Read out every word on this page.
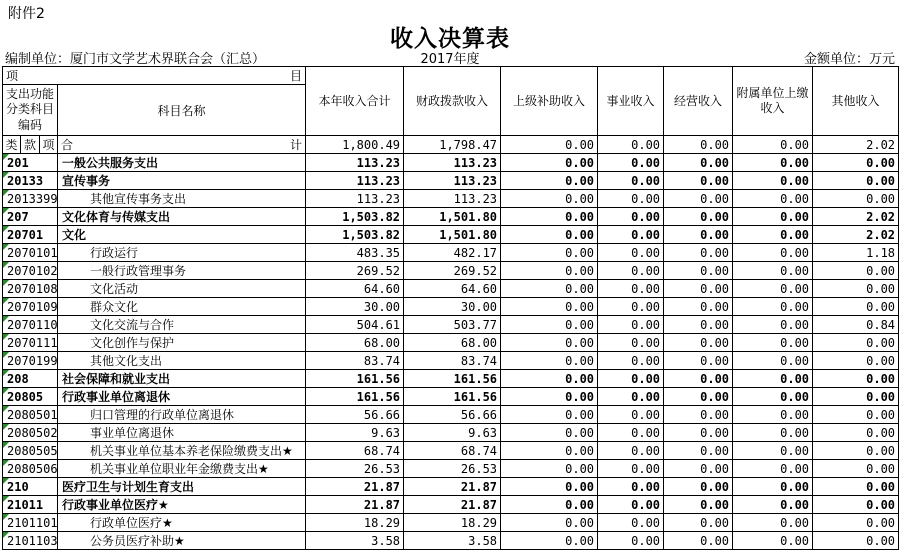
附件2
收入决算表
编制单位：厦门市文学艺术界联合会（汇总）	2017年度	金额单位：万元
项 目				本年收入合计	财政拨款收入	上级补助收入	事业收入	经营收入	附属单位上缴收入	其他收入
支出功能分类科目编码			科目名称							
类	款	项	合 计	1,800.49	1,798.47	0.00	0.00	0.00	0.00	2.02

201			一般公共服务支出	113.23	113.23	0.00	0.00	0.00	0.00	0.00

20133			宣传事务	113.23	113.23	0.00	0.00	0.00	0.00	0.00

2013399			其他宣传事务支出	113.23	113.23	0.00	0.00	0.00	0.00	0.00

207			文化体育与传媒支出	1,503.82	1,501.80	0.00	0.00	0.00	0.00	2.02

20701			文化	1,503.82	1,501.80	0.00	0.00	0.00	0.00	2.02

2070101			行政运行	483.35	482.17	0.00	0.00	0.00	0.00	1.18

2070102			一般行政管理事务	269.52	269.52	0.00	0.00	0.00	0.00	0.00

2070108			文化活动	64.60	64.60	0.00	0.00	0.00	0.00	0.00

2070109			群众文化	30.00	30.00	0.00	0.00	0.00	0.00	0.00

2070110			文化交流与合作	504.61	503.77	0.00	0.00	0.00	0.00	0.84

2070111			文化创作与保护	68.00	68.00	0.00	0.00	0.00	0.00	0.00

2070199			其他文化支出	83.74	83.74	0.00	0.00	0.00	0.00	0.00

208			社会保障和就业支出	161.56	161.56	0.00	0.00	0.00	0.00	0.00

20805			行政事业单位离退休	161.56	161.56	0.00	0.00	0.00	0.00	0.00

2080501			归口管理的行政单位离退休	56.66	56.66	0.00	0.00	0.00	0.00	0.00

2080502			事业单位离退休	9.63	9.63	0.00	0.00	0.00	0.00	0.00

2080505			机关事业单位基本养老保险缴费支出★	68.74	68.74	0.00	0.00	0.00	0.00	0.00

2080506			机关事业单位职业年金缴费支出★	26.53	26.53	0.00	0.00	0.00	0.00	0.00

210			医疗卫生与计划生育支出	21.87	21.87	0.00	0.00	0.00	0.00	0.00

21011			行政事业单位医疗★	21.87	21.87	0.00	0.00	0.00	0.00	0.00

2101101			行政单位医疗★	18.29	18.29	0.00	0.00	0.00	0.00	0.00

2101103			公务员医疗补助★	3.58	3.58	0.00	0.00	0.00	0.00	0.00
